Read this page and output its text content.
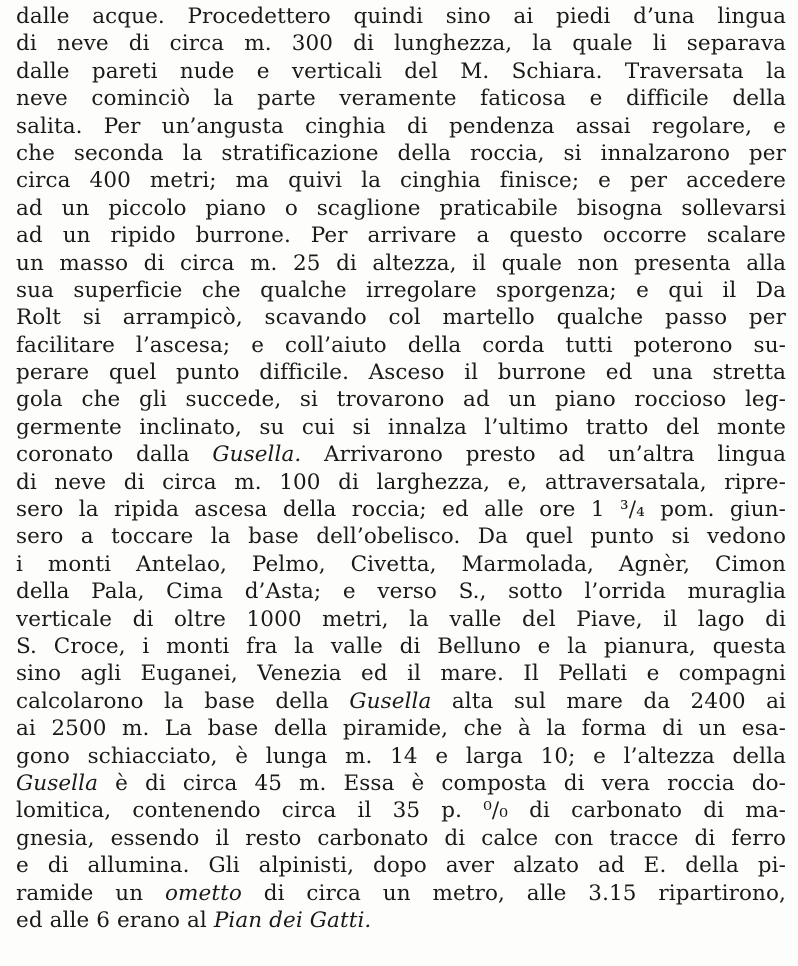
dalle acque. Procedettero quindi sino ai piedi d’una lingua
di neve di circa m. 300 di lunghezza, la quale li separava
dalle pareti nude e verticali del M. Schiara. Traversata la
neve cominciò la parte veramente faticosa e difficile della
salita. Per un’angusta cinghia di pendenza assai regolare, e
che seconda la stratificazione della roccia, si innalzarono per
circa 400 metri; ma quivi la cinghia finisce; e per accedere
ad un piccolo piano o scaglione praticabile bisogna sollevarsi
ad un ripido burrone. Per arrivare a questo occorre scalare
un masso di circa m. 25 di altezza, il quale non presenta alla
sua superficie che qualche irregolare sporgenza; e qui il Da
Rolt si arrampicò, scavando col martello qualche passo per
facilitare l’ascesa; e coll’aiuto della corda tutti poterono su-
perare quel punto difficile. Asceso il burrone ed una stretta
gola che gli succede, si trovarono ad un piano roccioso leg-
germente inclinato, su cui si innalza l’ultimo tratto del monte
coronato dalla Gusella. Arrivarono presto ad un’altra lingua
di neve di circa m. 100 di larghezza, e, attraversatala, ripre-
sero la ripida ascesa della roccia; ed alle ore 1 ³/₄ pom. giun-
sero a toccare la base dell’obelisco. Da quel punto si vedono
i monti Antelao, Pelmo, Civetta, Marmolada, Agnèr, Cimon
della Pala, Cima d’Asta; e verso S., sotto l’orrida muraglia
verticale di oltre 1000 metri, la valle del Piave, il lago di
S. Croce, i monti fra la valle di Belluno e la pianura, questa
sino agli Euganei, Venezia ed il mare. Il Pellati e compagni
calcolarono la base della Gusella alta sul mare da 2400 ai
ai 2500 m. La base della piramide, che à la forma di un esa-
gono schiacciato, è lunga m. 14 e larga 10; e l’altezza della
Gusella è di circa 45 m. Essa è composta di vera roccia do-
lomitica, contenendo circa il 35 p. ⁰/₀ di carbonato di ma-
gnesia, essendo il resto carbonato di calce con tracce di ferro
e di allumina. Gli alpinisti, dopo aver alzato ad E. della pi-
ramide un ometto di circa un metro, alle 3.15 ripartirono,
ed alle 6 erano al Pian dei Gatti.
